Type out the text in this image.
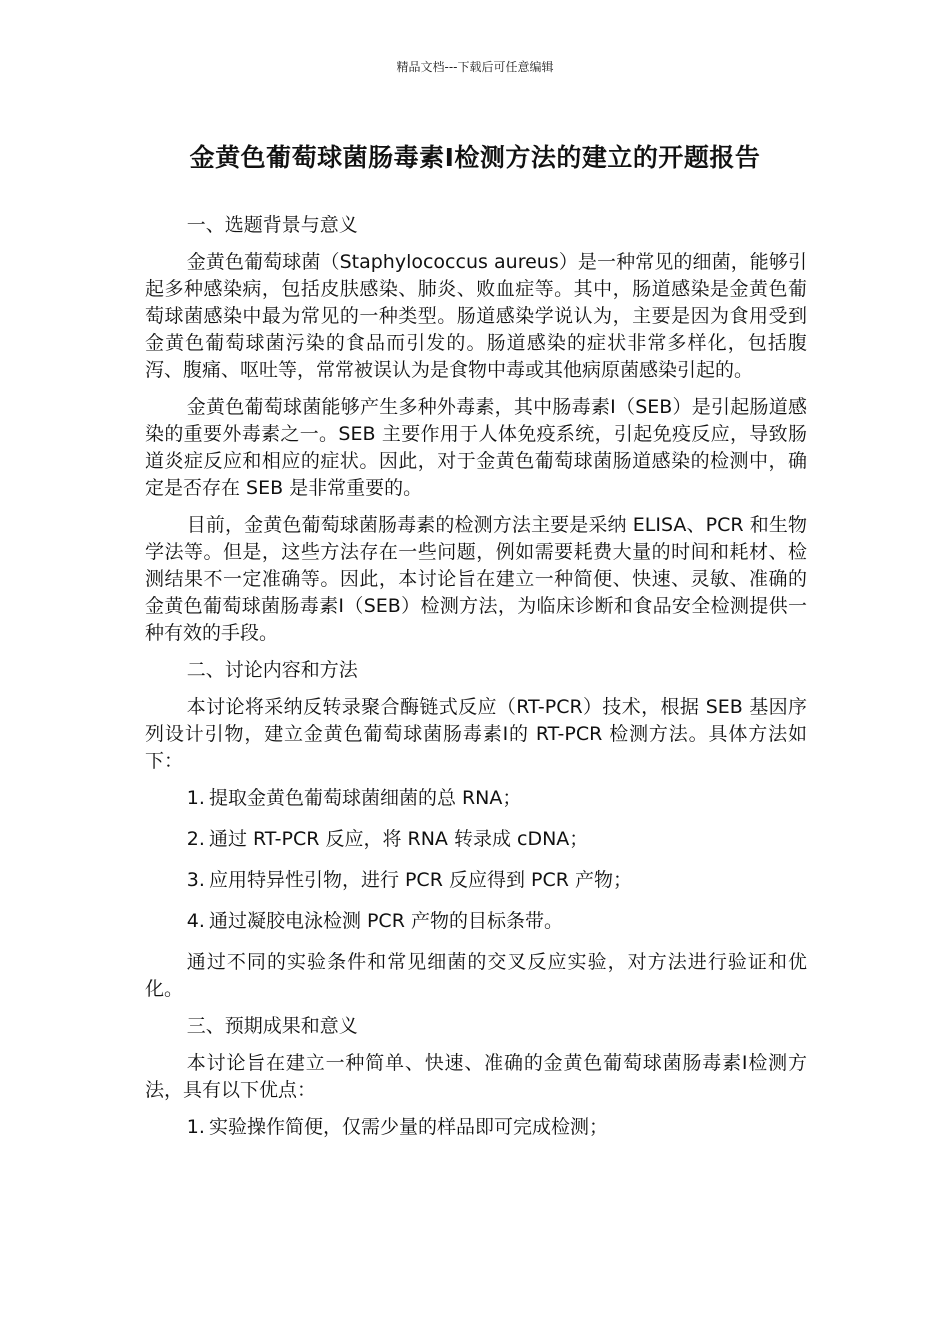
精品文档---下载后可任意编辑
金黄色葡萄球菌肠毒素Ⅰ检测方法的建立的开题报告

一、选题背景与意义

金黄色葡萄球菌（Staphylococcus aureus）是一种常见的细菌，能够引起多种感染病，包括皮肤感染、肺炎、败血症等。其中，肠道感染是金黄色葡萄球菌感染中最为常见的一种类型。肠道感染学说认为，主要是因为食用受到金黄色葡萄球菌污染的食品而引发的。肠道感染的症状非常多样化，包括腹泻、腹痛、呕吐等，常常被误认为是食物中毒或其他病原菌感染引起的。

金黄色葡萄球菌能够产生多种外毒素，其中肠毒素Ⅰ（SEB）是引起肠道感染的重要外毒素之一。SEB 主要作用于人体免疫系统，引起免疫反应，导致肠道炎症反应和相应的症状。因此，对于金黄色葡萄球菌肠道感染的检测中，确定是否存在 SEB 是非常重要的。

目前，金黄色葡萄球菌肠毒素的检测方法主要是采纳 ELISA、PCR 和生物学法等。但是，这些方法存在一些问题，例如需要耗费大量的时间和耗材、检测结果不一定准确等。因此，本讨论旨在建立一种简便、快速、灵敏、准确的金黄色葡萄球菌肠毒素Ⅰ（SEB）检测方法，为临床诊断和食品安全检测提供一种有效的手段。

二、讨论内容和方法

本讨论将采纳反转录聚合酶链式反应（RT-PCR）技术，根据 SEB 基因序列设计引物，建立金黄色葡萄球菌肠毒素Ⅰ的 RT-PCR 检测方法。具体方法如下：

1. 提取金黄色葡萄球菌细菌的总 RNA；

2. 通过 RT-PCR 反应，将 RNA 转录成 cDNA；

3. 应用特异性引物，进行 PCR 反应得到 PCR 产物；

4. 通过凝胶电泳检测 PCR 产物的目标条带。

通过不同的实验条件和常见细菌的交叉反应实验，对方法进行验证和优化。

三、预期成果和意义

本讨论旨在建立一种简单、快速、准确的金黄色葡萄球菌肠毒素Ⅰ检测方法，具有以下优点：

1. 实验操作简便，仅需少量的样品即可完成检测；
